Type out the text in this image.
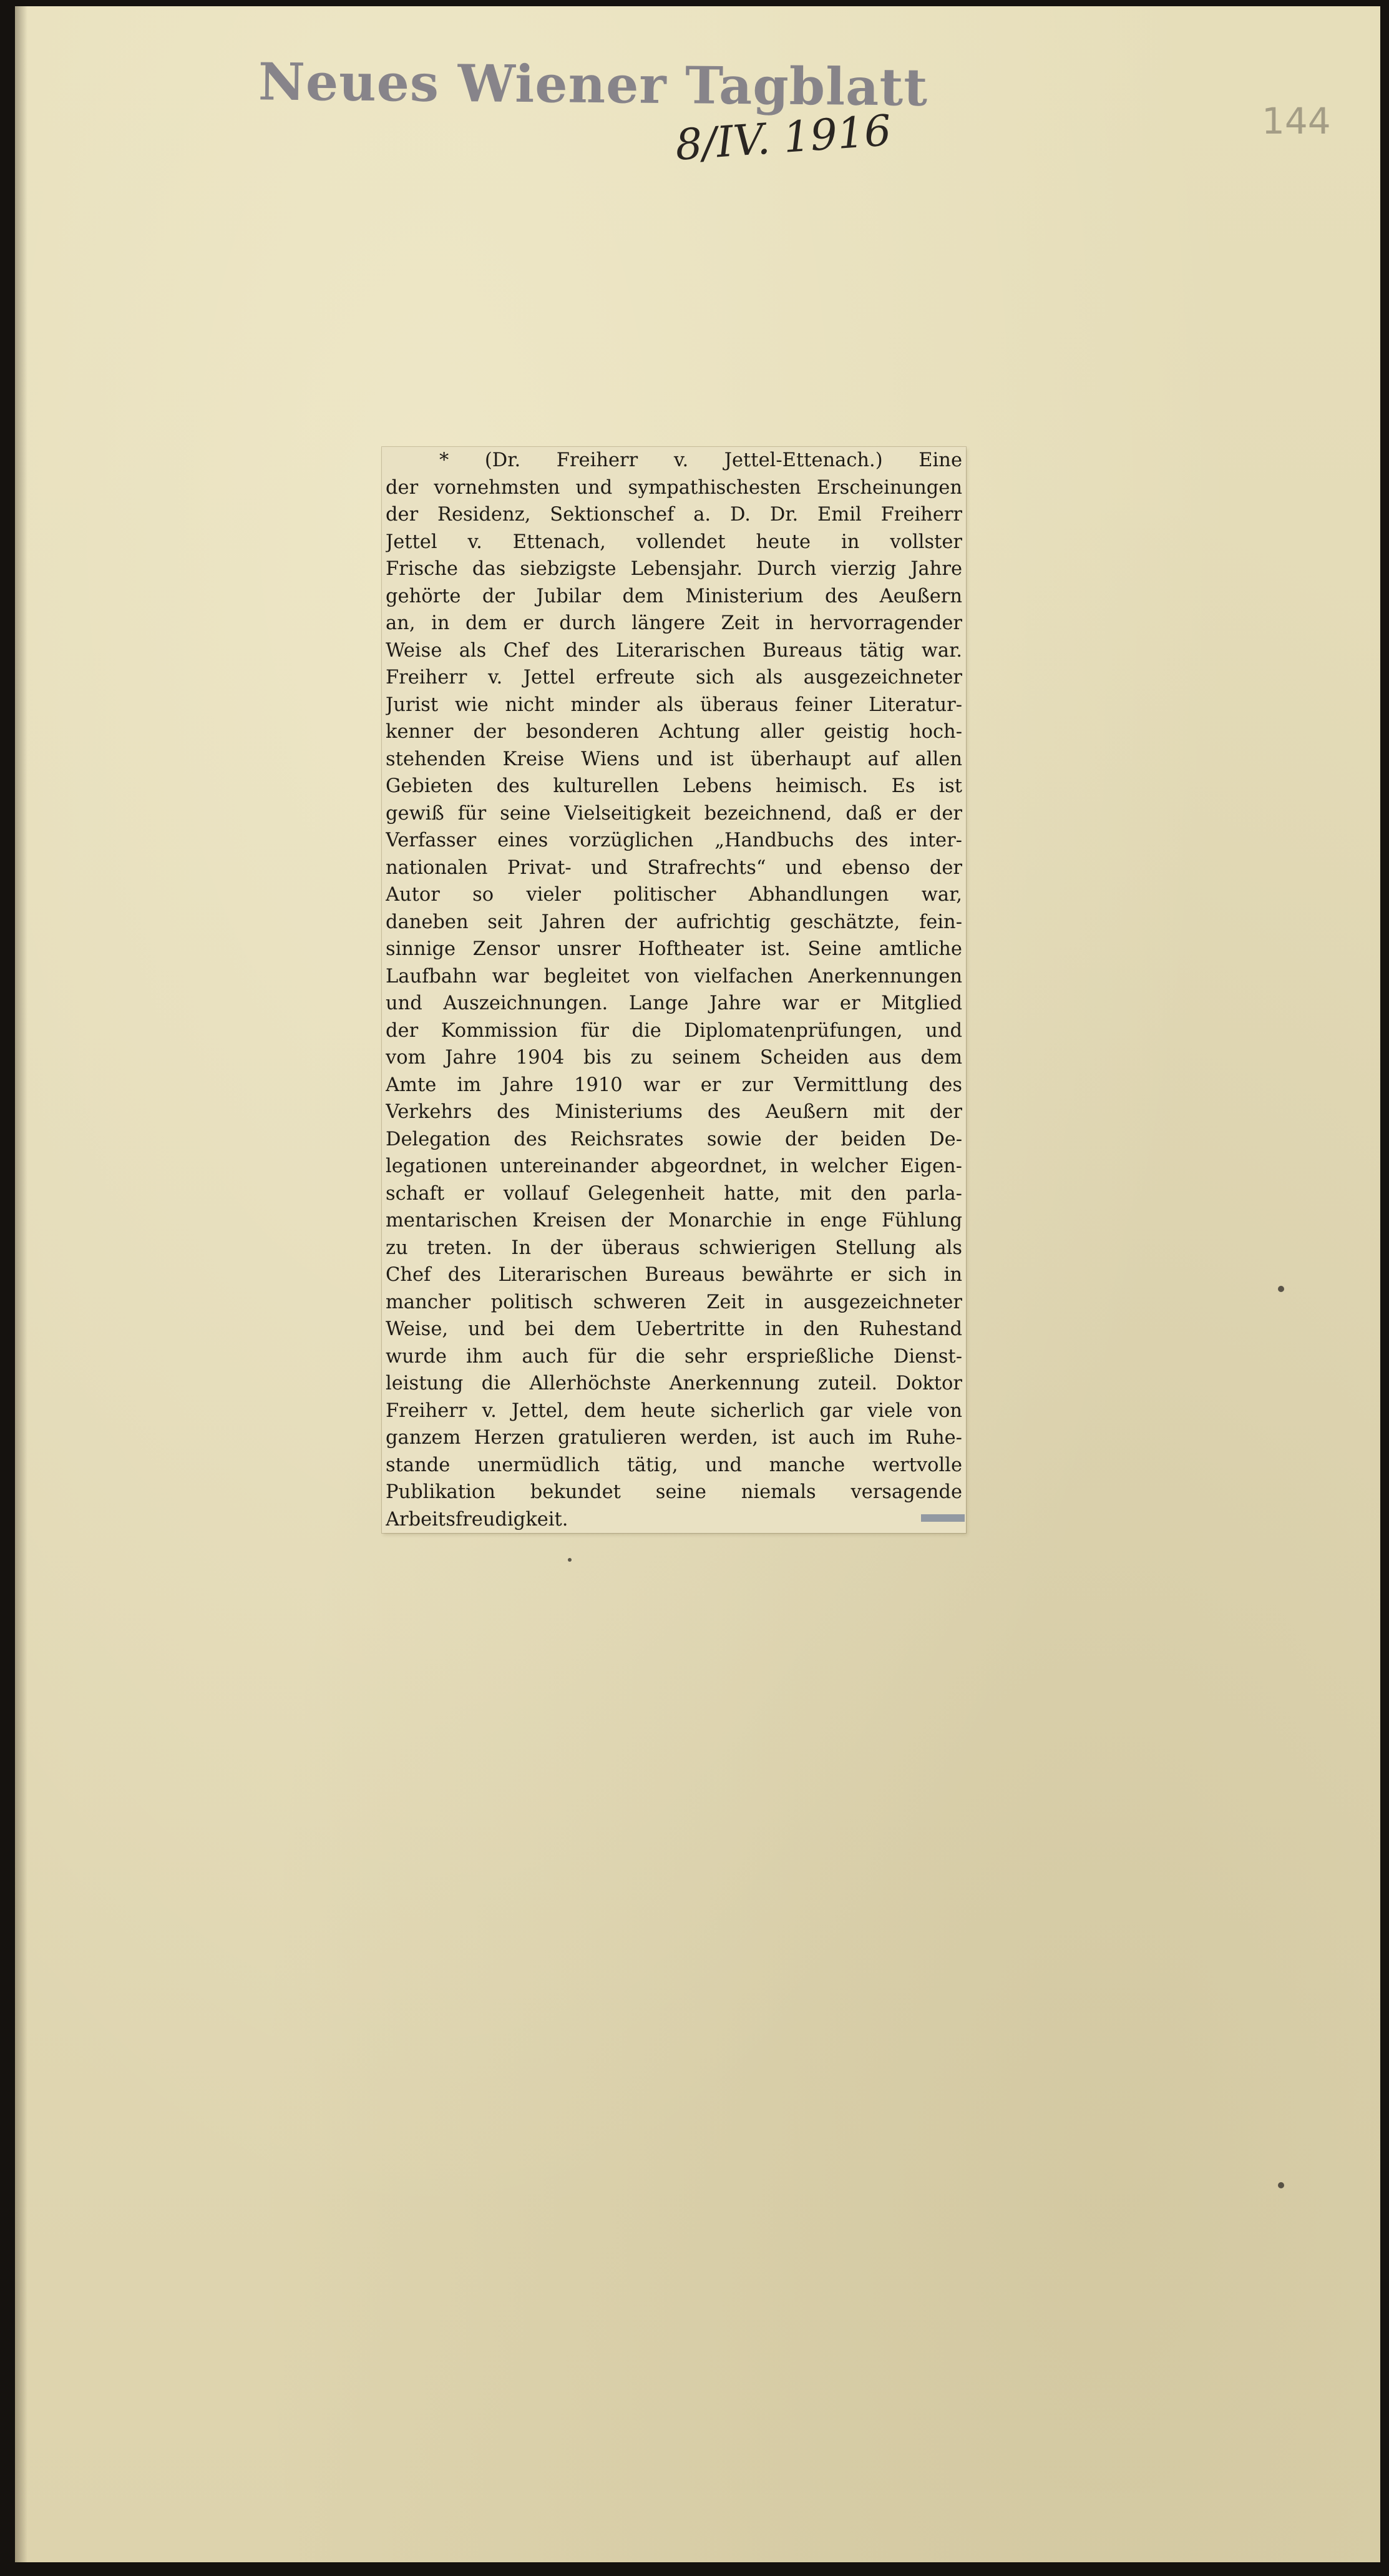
Neues Wiener Tagblatt
8/IV. 1916	144
* (Dr. Freiherr v. Jettel-Ettenach.) Eine
der vornehmsten und sympathischesten Erscheinungen
der Residenz, Sektionschef a. D. Dr. Emil Freiherr
Jettel v. Ettenach, vollendet heute in vollster
Frische das siebzigste Lebensjahr. Durch vierzig Jahre
gehörte der Jubilar dem Ministerium des Aeußern
an, in dem er durch längere Zeit in hervorragender
Weise als Chef des Literarischen Bureaus tätig war.
Freiherr v. Jettel erfreute sich als ausgezeichneter
Jurist wie nicht minder als überaus feiner Literatur-
kenner der besonderen Achtung aller geistig hoch-
stehenden Kreise Wiens und ist überhaupt auf allen
Gebieten des kulturellen Lebens heimisch. Es ist
gewiß für seine Vielseitigkeit bezeichnend, daß er der
Verfasser eines vorzüglichen „Handbuchs des inter-
nationalen Privat- und Strafrechts“ und ebenso der
Autor so vieler politischer Abhandlungen war,
daneben seit Jahren der aufrichtig geschätzte, fein-
sinnige Zensor unsrer Hoftheater ist. Seine amtliche
Laufbahn war begleitet von vielfachen Anerkennungen
und Auszeichnungen. Lange Jahre war er Mitglied
der Kommission für die Diplomatenprüfungen, und
vom Jahre 1904 bis zu seinem Scheiden aus dem
Amte im Jahre 1910 war er zur Vermittlung des
Verkehrs des Ministeriums des Aeußern mit der
Delegation des Reichsrates sowie der beiden De-
legationen untereinander abgeordnet, in welcher Eigen-
schaft er vollauf Gelegenheit hatte, mit den parla-
mentarischen Kreisen der Monarchie in enge Fühlung
zu treten. In der überaus schwierigen Stellung als
Chef des Literarischen Bureaus bewährte er sich in
mancher politisch schweren Zeit in ausgezeichneter
Weise, und bei dem Uebertritte in den Ruhestand
wurde ihm auch für die sehr ersprießliche Dienst-
leistung die Allerhöchste Anerkennung zuteil. Doktor
Freiherr v. Jettel, dem heute sicherlich gar viele von
ganzem Herzen gratulieren werden, ist auch im Ruhe-
stande unermüdlich tätig, und manche wertvolle
Publikation bekundet seine niemals versagende
Arbeitsfreudigkeit.
